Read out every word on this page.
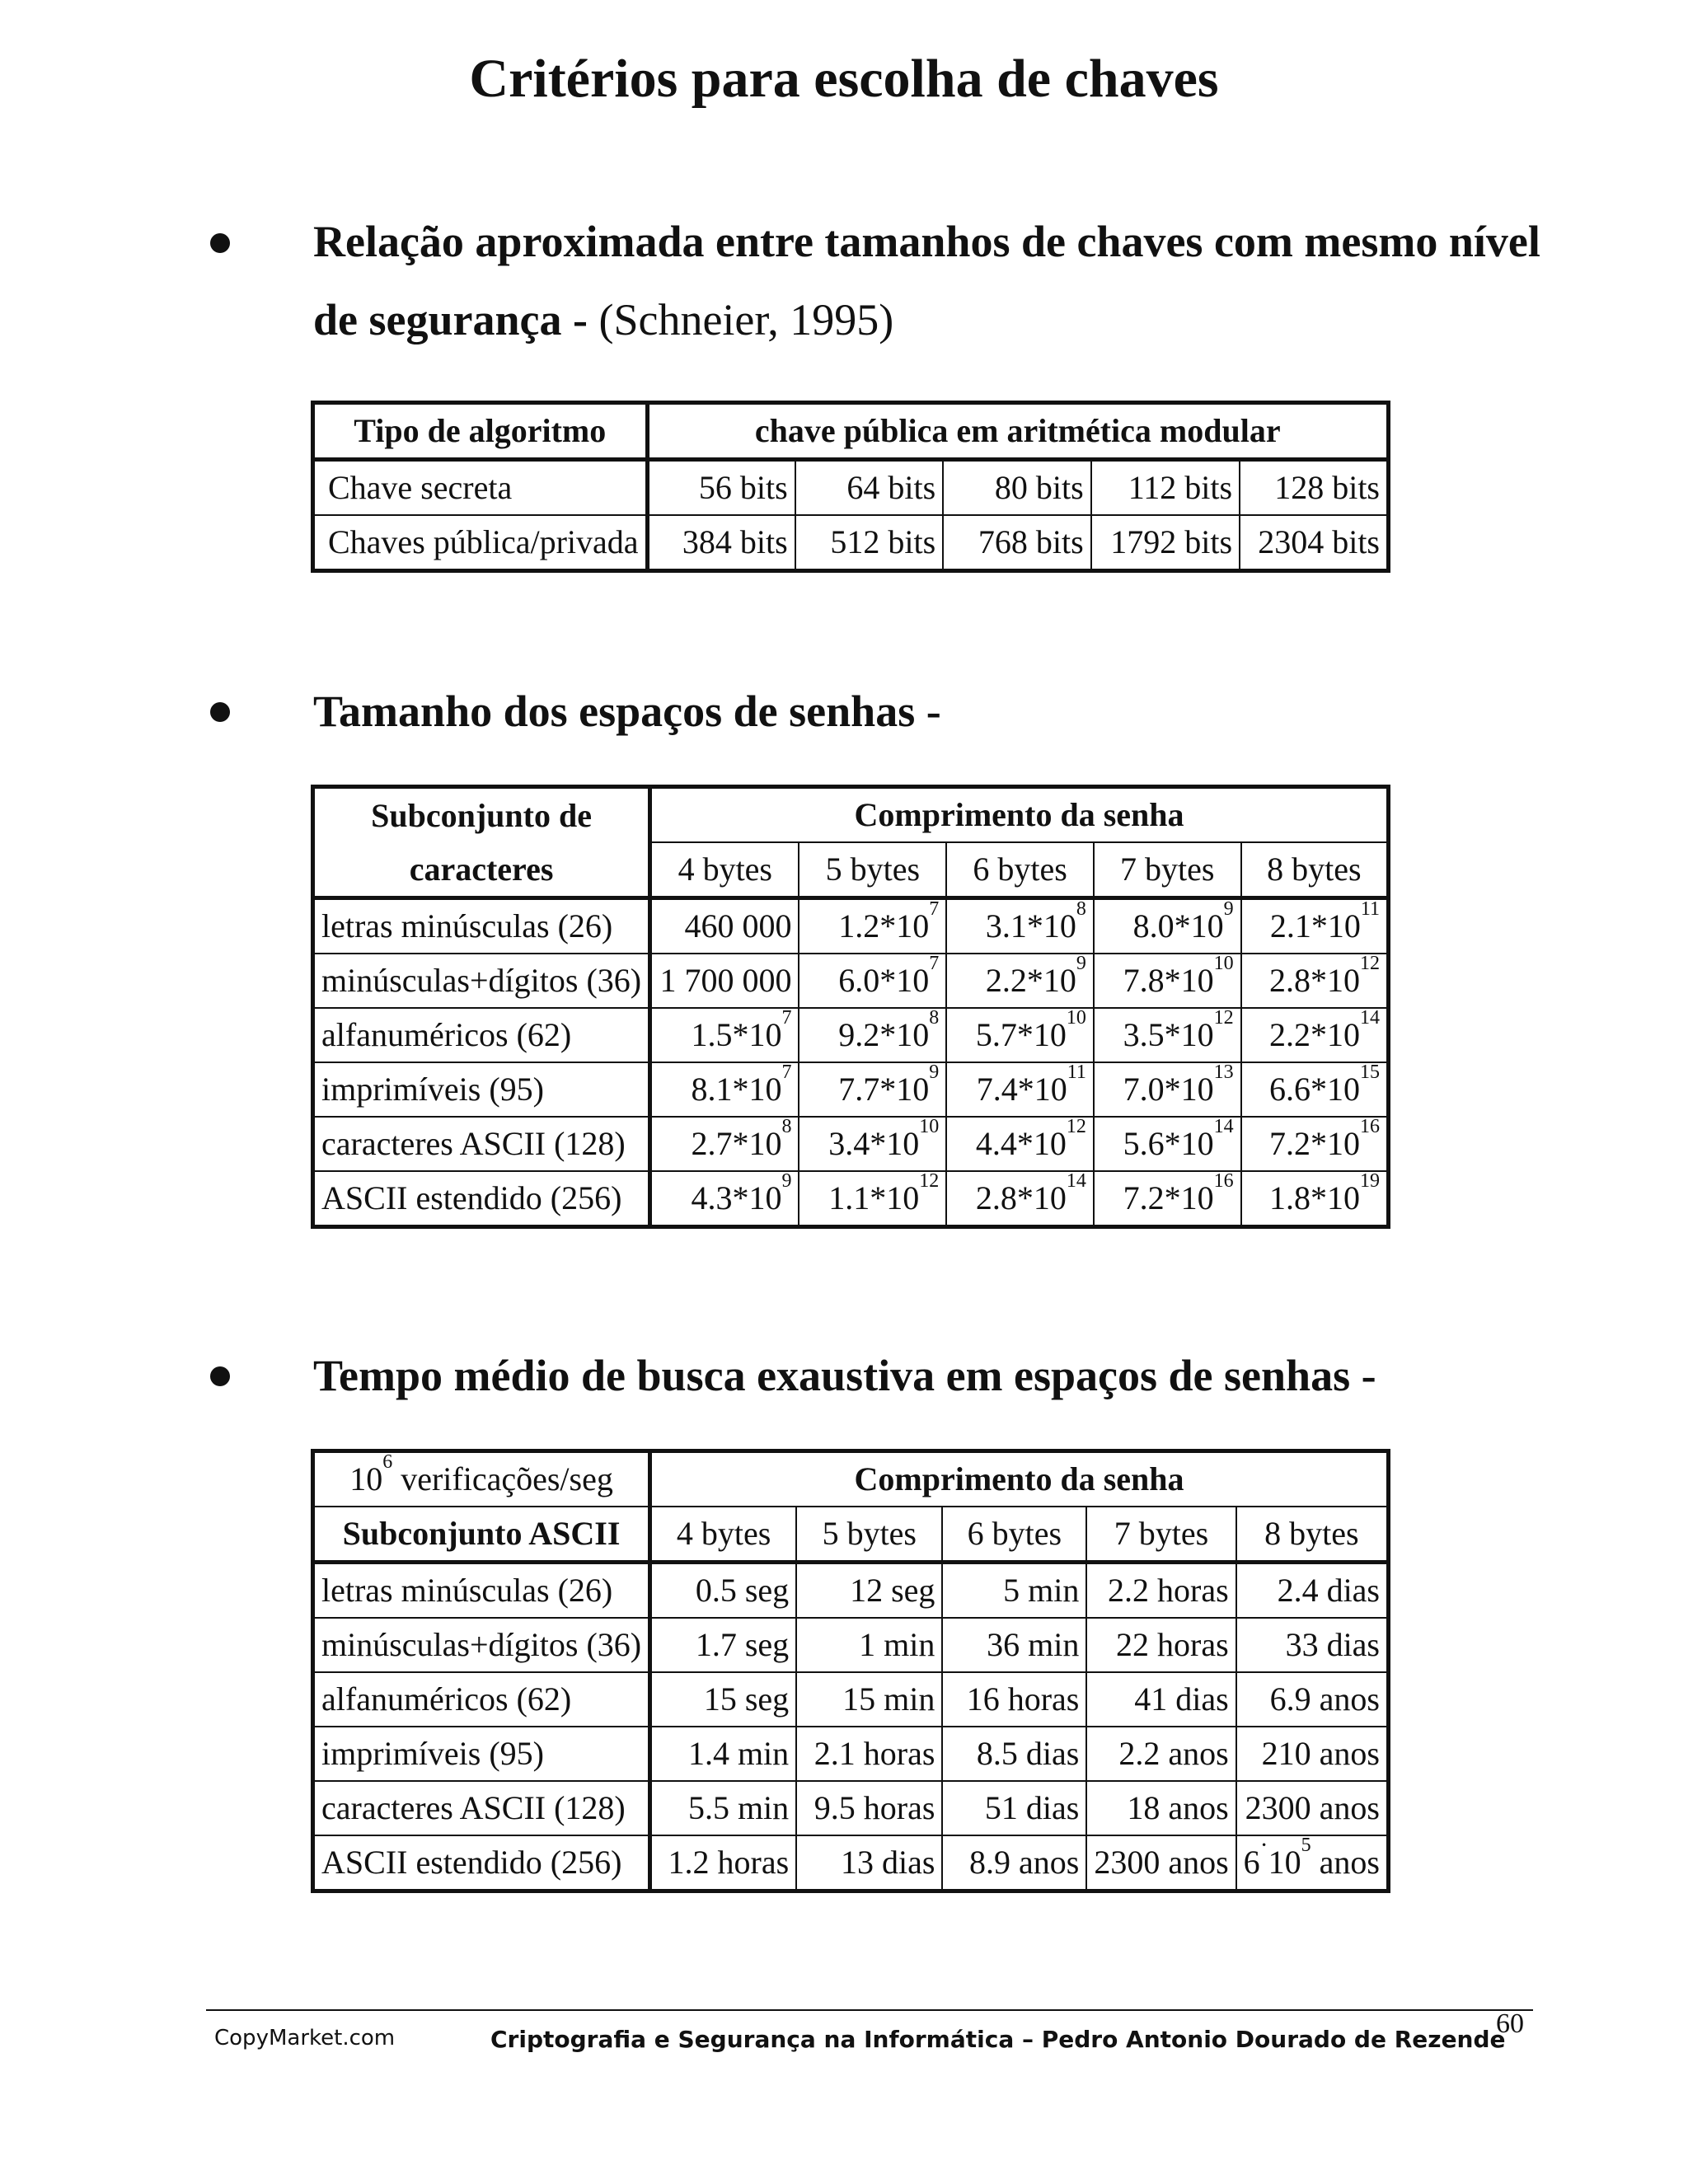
Critérios para escolha de chaves
Relação aproximada entre tamanhos de chaves com mesmo nível
de segurança - (Schneier, 1995)
Tipo de algoritmo	chave pública em aritmética modular				
Chave secreta	56 bits	64 bits	80 bits	112 bits	128 bits
Chaves pública/privada	384 bits	512 bits	768 bits	1792 bits	2304 bits
Tamanho dos espaços de senhas -
Subconjunto de	Comprimento da senha				
caracteres	4 bytes	5 bytes	6 bytes	7 bytes	8 bytes
letras minúsculas (26)	460 000	$1.2*10^7$	$3.1*10^8$	$8.0*10^9$	$2.1*10^{11}$
minúsculas+dígitos (36)	1 700 000	$6.0*10^7$	$2.2*10^9$	$7.8*10^{10}$	$2.8*10^{12}$
alfanuméricos (62)	$1.5*10^7$	$9.2*10^8$	$5.7*10^{10}$	$3.5*10^{12}$	$2.2*10^{14}$
imprimíveis (95)	$8.1*10^7$	$7.7*10^9$	$7.4*10^{11}$	$7.0*10^{13}$	$6.6*10^{15}$
caracteres ASCII (128)	$2.7*10^8$	$3.4*10^{10}$	$4.4*10^{12}$	$5.6*10^{14}$	$7.2*10^{16}$
ASCII estendido (256)	$4.3*10^9$	$1.1*10^{12}$	$2.8*10^{14}$	$7.2*10^{16}$	$1.8*10^{19}$
Tempo médio de busca exaustiva em espaços de senhas -
$10^6$ verificações/seg	Comprimento da senha				
Subconjunto ASCII	4 bytes	5 bytes	6 bytes	7 bytes	8 bytes
letras minúsculas (26)	0.5 seg	12 seg	5 min	2.2 horas	2.4 dias
minúsculas+dígitos (36)	1.7 seg	1 min	36 min	22 horas	33 dias
alfanuméricos (62)	15 seg	15 min	16 horas	41 dias	6.9 anos
imprimíveis (95)	1.4 min	2.1 horas	8.5 dias	2.2 anos	210 anos
caracteres ASCII (128)	5.5 min	9.5 horas	51 dias	18 anos	2300 anos
ASCII estendido (256)	1.2 horas	13 dias	8.9 anos	2300 anos	$6^\cdot 10^5$ anos
60
CopyMarket.com	Criptografia e Segurança na Informática – Pedro Antonio Dourado de Rezende
